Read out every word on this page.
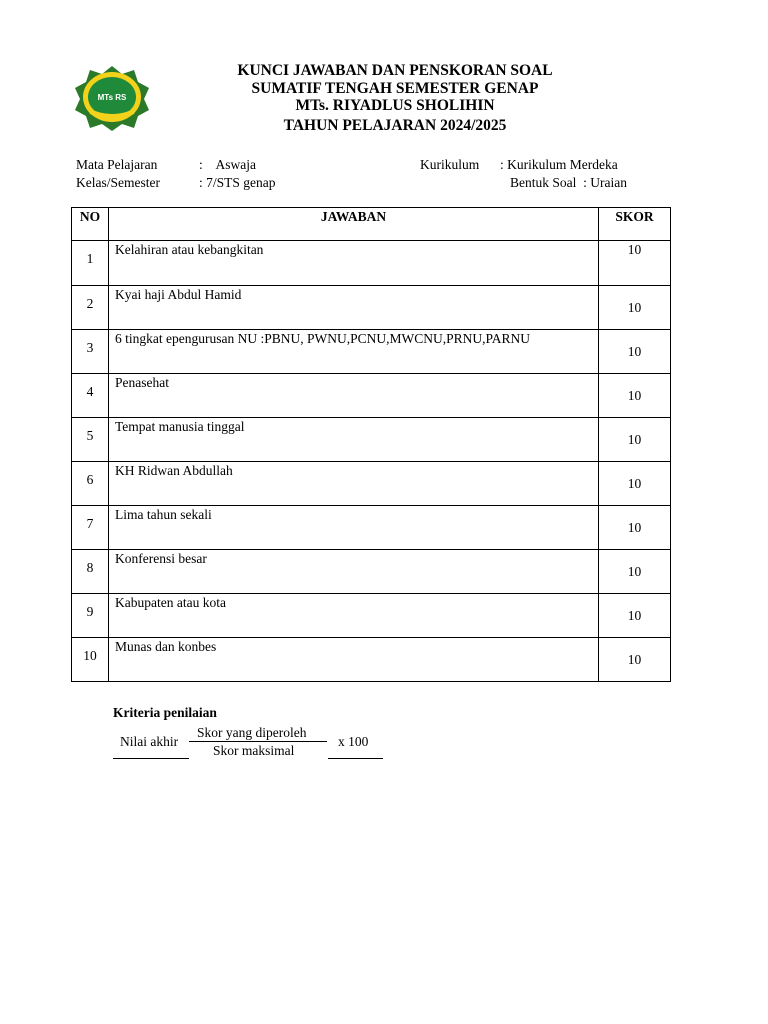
MTs RS
KUNCI JAWABAN DAN PENSKORAN SOAL
SUMATIF TENGAH SEMESTER GENAP
MTs. RIYADLUS SHOLIHIN
TAHUN PELAJARAN 2024/2025
Mata Pelajaran	:    Aswaja
Kelas/Semester	: 7/STS genap
Kurikulum : Kurikulum Merdeka
Bentuk Soal  : Uraian
NO	JAWABAN	SKOR

1	Kelahiran atau kebangkitan	10

2	Kyai haji Abdul Hamid	10

3	6 tingkat epengurusan NU :PBNU, PWNU,PCNU,MWCNU,PRNU,PARNU	10

4	Penasehat	10

5	Tempat manusia tinggal	10

6	KH Ridwan Abdullah	10

7	Lima tahun sekali	10

8	Konferensi besar	10

9	Kabupaten atau kota	10

10	Munas dan konbes	10
Kriteria penilaian
Nilai akhir
Skor yang diperoleh
Skor maksimal
x 100
